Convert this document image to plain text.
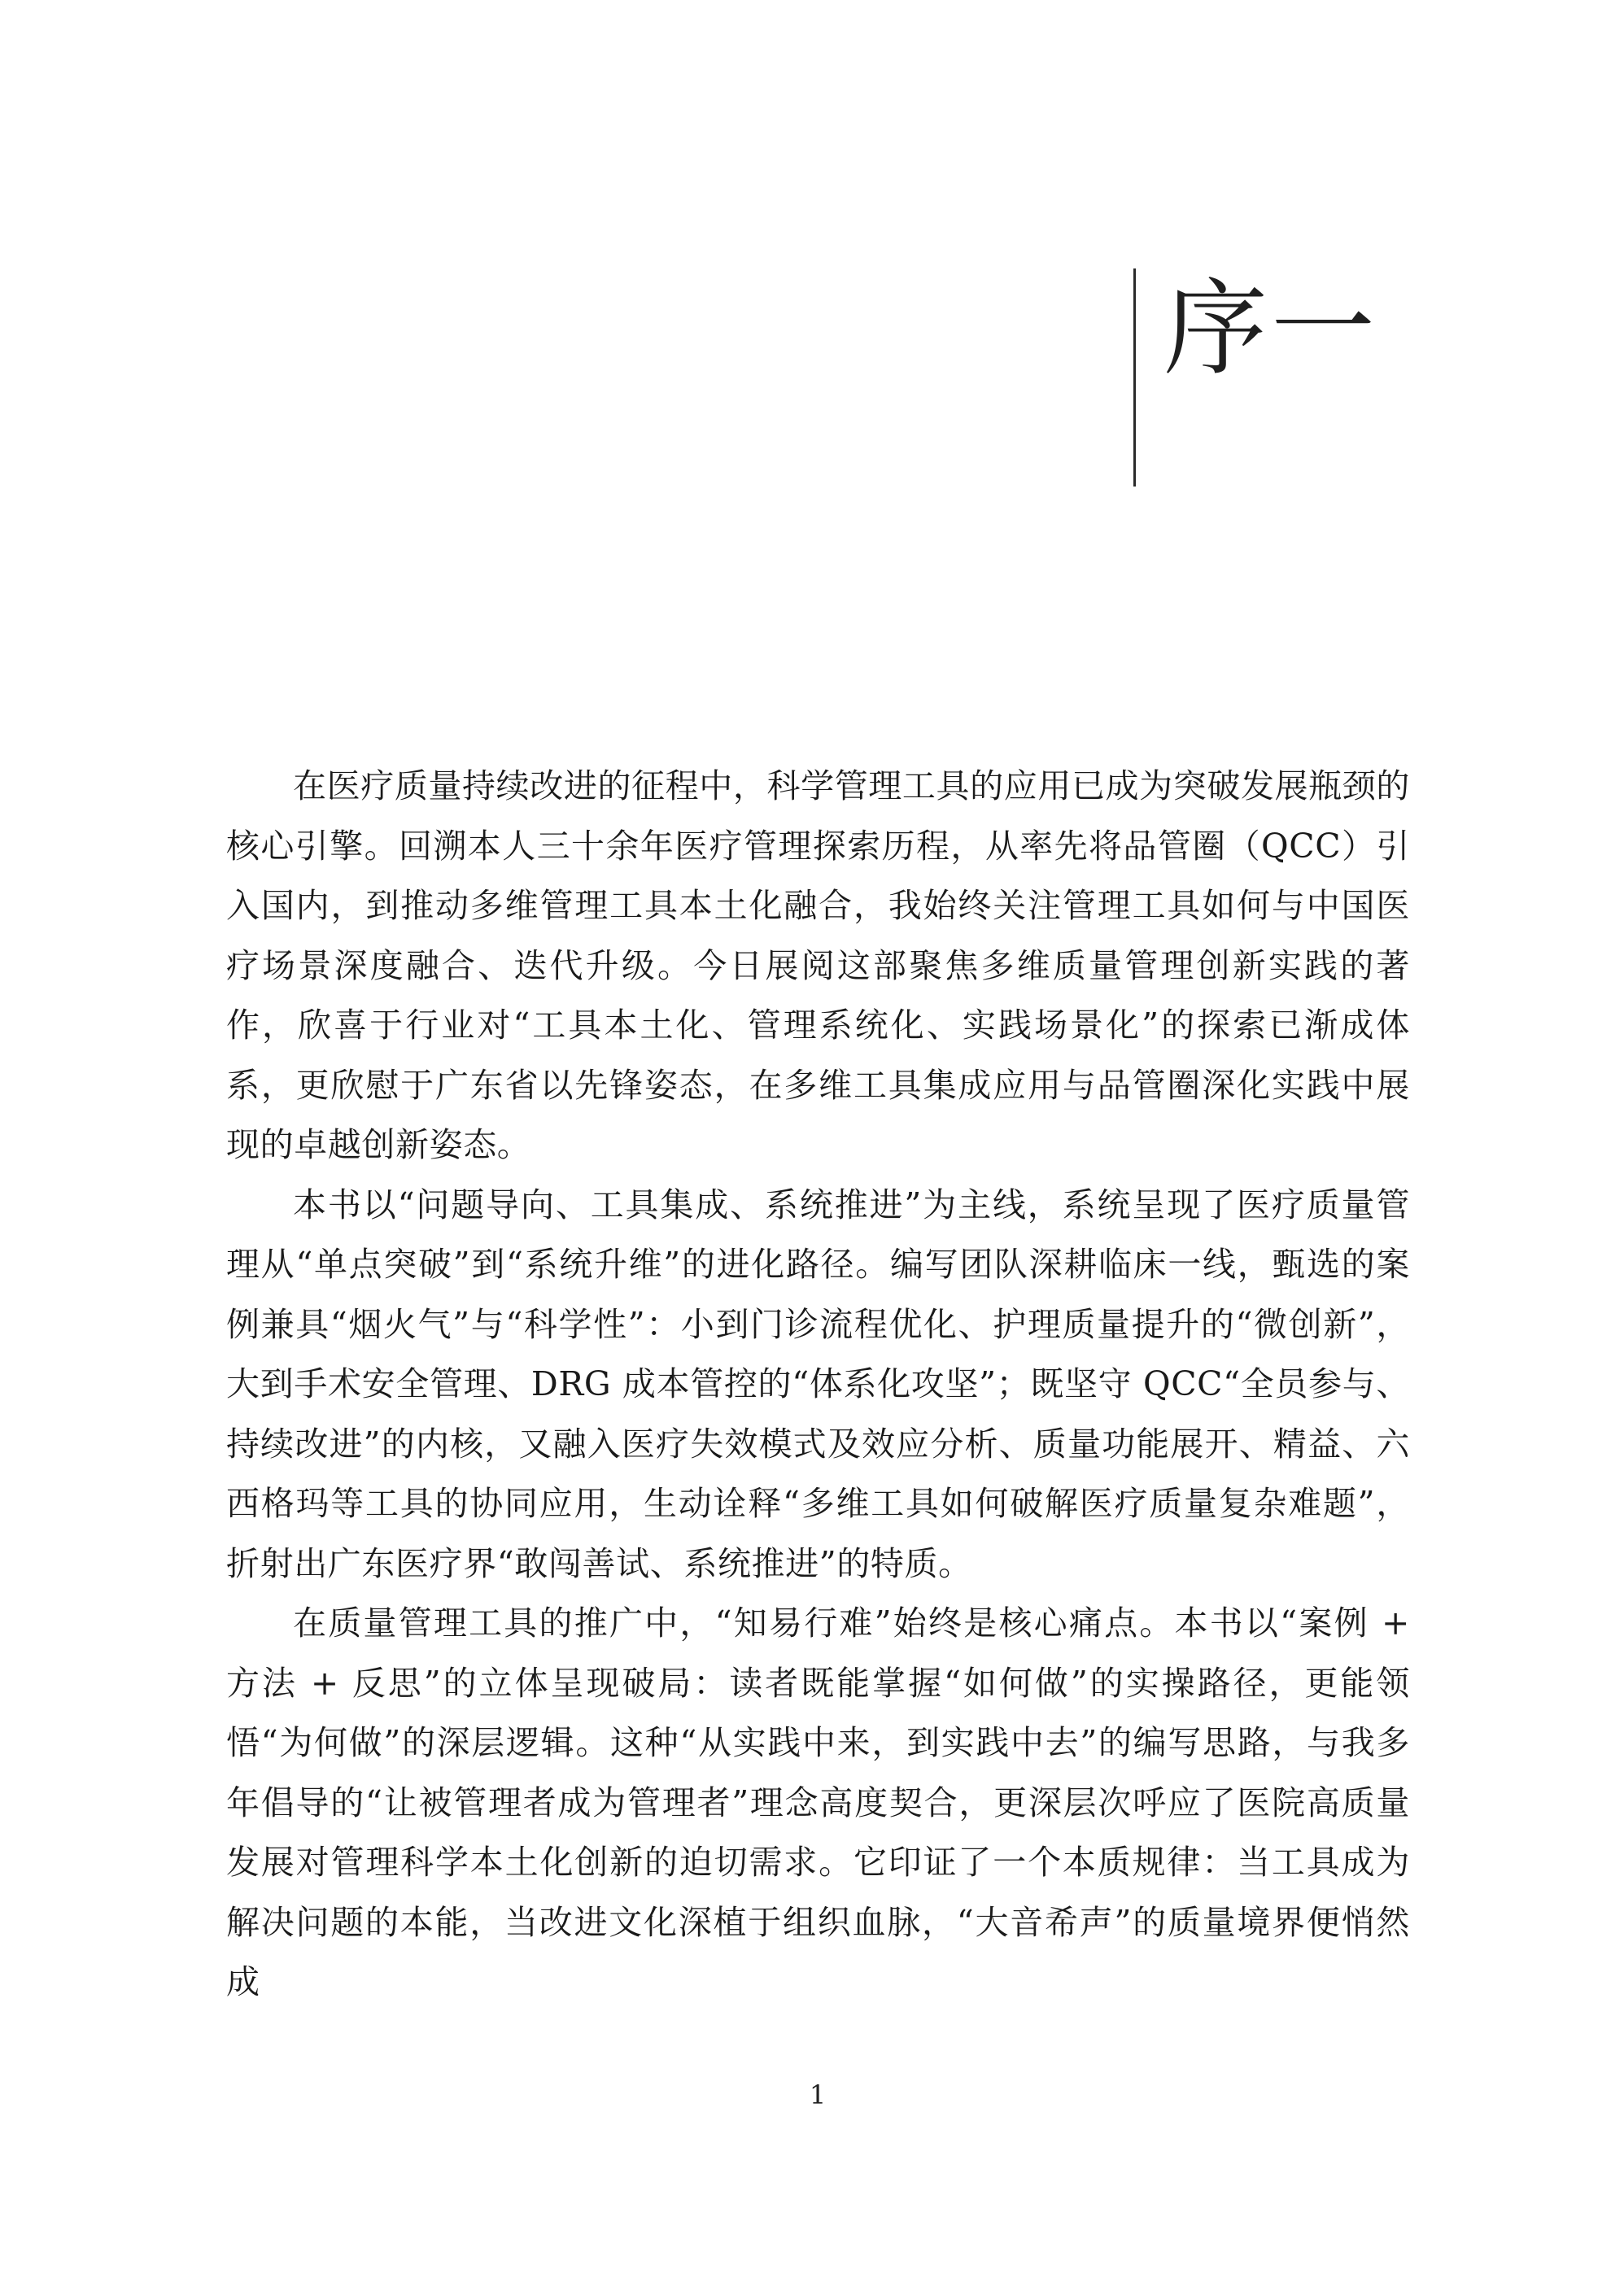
序一

在医疗质量持续改进的征程中，科学管理工具的应用已成为突破发展瓶颈的核心引擎。回溯本人三十余年医疗管理探索历程，从率先将品管圈（QCC）引入国内，到推动多维管理工具本土化融合，我始终关注管理工具如何与中国医疗场景深度融合、迭代升级。今日展阅这部聚焦多维质量管理创新实践的著作，欣喜于行业对“工具本土化、管理系统化、实践场景化”的探索已渐成体系，更欣慰于广东省以先锋姿态，在多维工具集成应用与品管圈深化实践中展现的卓越创新姿态。

本书以“问题导向、工具集成、系统推进”为主线，系统呈现了医疗质量管理从“单点突破”到“系统升维”的进化路径。编写团队深耕临床一线，甄选的案例兼具“烟火气”与“科学性”：小到门诊流程优化、护理质量提升的“微创新”，大到手术安全管理、DRG 成本管控的“体系化攻坚”；既坚守 QCC“全员参与、持续改进”的内核，又融入医疗失效模式及效应分析、质量功能展开、精益、六西格玛等工具的协同应用，生动诠释“多维工具如何破解医疗质量复杂难题”，折射出广东医疗界“敢闯善试、系统推进”的特质。

在质量管理工具的推广中，“知易行难”始终是核心痛点。本书以“案例 + 方法 + 反思”的立体呈现破局：读者既能掌握“如何做”的实操路径，更能领悟“为何做”的深层逻辑。这种“从实践中来，到实践中去”的编写思路，与我多年倡导的“让被管理者成为管理者”理念高度契合，更深层次呼应了医院高质量发展对管理科学本土化创新的迫切需求。它印证了一个本质规律：当工具成为解决问题的本能，当改进文化深植于组织血脉，“大音希声”的质量境界便悄然成

1
